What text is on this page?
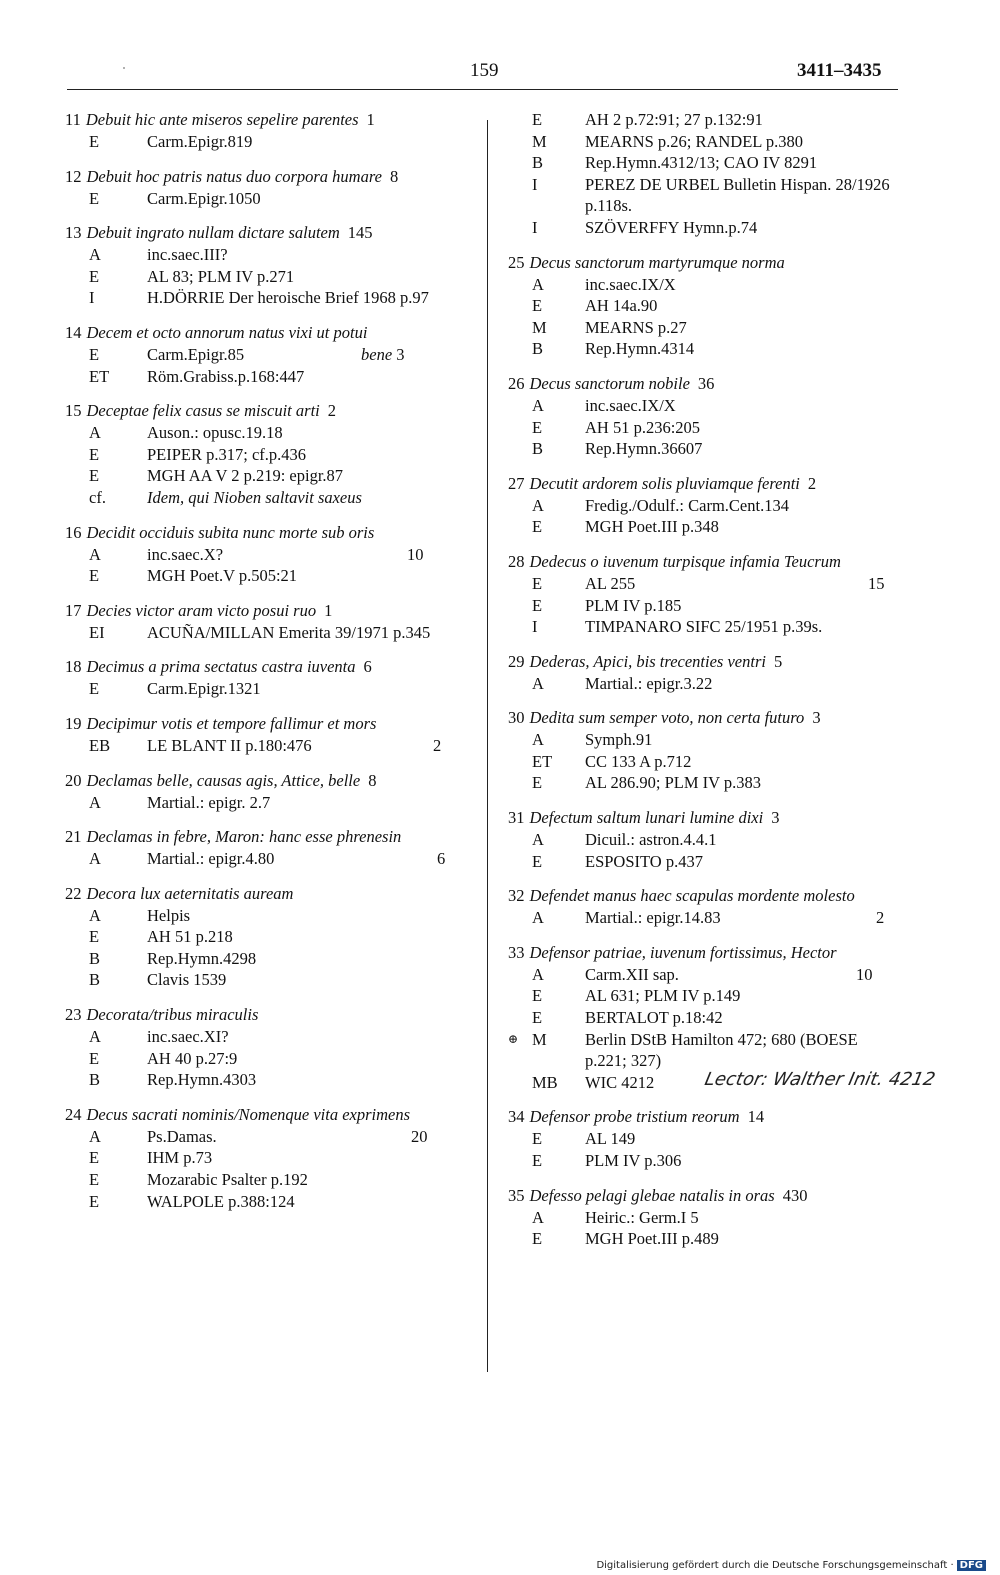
159	3411–3435
11 Debuit hic ante miseros sepelire parentes 1
E	Carm.Epigr.819
12 Debuit hoc patris natus duo corpora humare 8
E	Carm.Epigr.1050
13 Debuit ingrato nullam dictare salutem 145
A	inc.saec.III?
E	AL 83; PLM IV p.271
I	H.DÖRRIE Der heroische Brief 1968 p.97
14 Decem et octo annorum natus vixi ut potui
E	Carm.Epigr.85	bene 3
ET	Röm.Grabiss.p.168:447
15 Deceptae felix casus se miscuit arti 2
A	Auson.: opusc.19.18
E	PEIPER p.317; cf.p.436
E	MGH AA V 2 p.219: epigr.87
cf.	Idem, qui Nioben saltavit saxeus
16 Decidit occiduis subita nunc morte sub oris
A	inc.saec.X?	10
E	MGH Poet.V p.505:21
17 Decies victor aram victo posui ruo 1
EI	ACUÑA/MILLAN Emerita 39/1971 p.345
18 Decimus a prima sectatus castra iuventa 6
E	Carm.Epigr.1321
19 Decipimur votis et tempore fallimur et mors
EB	LE BLANT II p.180:476	2
20 Declamas belle, causas agis, Attice, belle 8
A	Martial.: epigr. 2.7
21 Declamas in febre, Maron: hanc esse phrenesin
A	Martial.: epigr.4.80	6
22 Decora lux aeternitatis auream
A	Helpis
E	AH 51 p.218
B	Rep.Hymn.4298
B	Clavis 1539
23 Decorata/tribus miraculis
A	inc.saec.XI?
E	AH 40 p.27:9
B	Rep.Hymn.4303
24 Decus sacrati nominis/Nomenque vita exprimens
A	Ps.Damas.	20
E	IHM p.73
E	Mozarabic Psalter p.192
E	WALPOLE p.388:124
E	AH 2 p.72:91; 27 p.132:91
M	MEARNS p.26; RANDEL p.380
B	Rep.Hymn.4312/13; CAO IV 8291
I	PEREZ DE URBEL Bulletin Hispan. 28/1926 p.118s.
I	SZÖVERFFY Hymn.p.74
25 Decus sanctorum martyrumque norma
A	inc.saec.IX/X
E	AH 14a.90
M	MEARNS p.27
B	Rep.Hymn.4314
26 Decus sanctorum nobile 36
A	inc.saec.IX/X
E	AH 51 p.236:205
B	Rep.Hymn.36607
27 Decutit ardorem solis pluviamque ferenti 2
A	Fredig./Odulf.: Carm.Cent.134
E	MGH Poet.III p.348
28 Dedecus o iuvenum turpisque infamia Teucrum
E	AL 255	15
E	PLM IV p.185
I	TIMPANARO SIFC 25/1951 p.39s.
29 Dederas, Apici, bis trecenties ventri 5
A	Martial.: epigr.3.22
30 Dedita sum semper voto, non certa futuro 3
A	Symph.91
ET	CC 133 A p.712
E	AL 286.90; PLM IV p.383
31 Defectum saltum lunari lumine dixi 3
A	Dicuil.: astron.4.4.1
E	ESPOSITO p.437
32 Defendet manus haec scapulas mordente molesto
A	Martial.: epigr.14.83	2
33 Defensor patriae, iuvenum fortissimus, Hector
A	Carm.XII sap.	10
E	AL 631; PLM IV p.149
E	BERTALOT p.18:42
⊕ M	Berlin DStB Hamilton 472; 680 (BOESE p.221; 327)
MB	WIC 4212	Lector: Walther Init. 4212
34 Defensor probe tristium reorum 14
E	AL 149
E	PLM IV p.306
35 Defesso pelagi glebae natalis in oras 430
A	Heiric.: Germ.I 5
E	MGH Poet.III p.489
Digitalisierung gefördert durch die Deutsche Forschungsgemeinschaft · DFG
